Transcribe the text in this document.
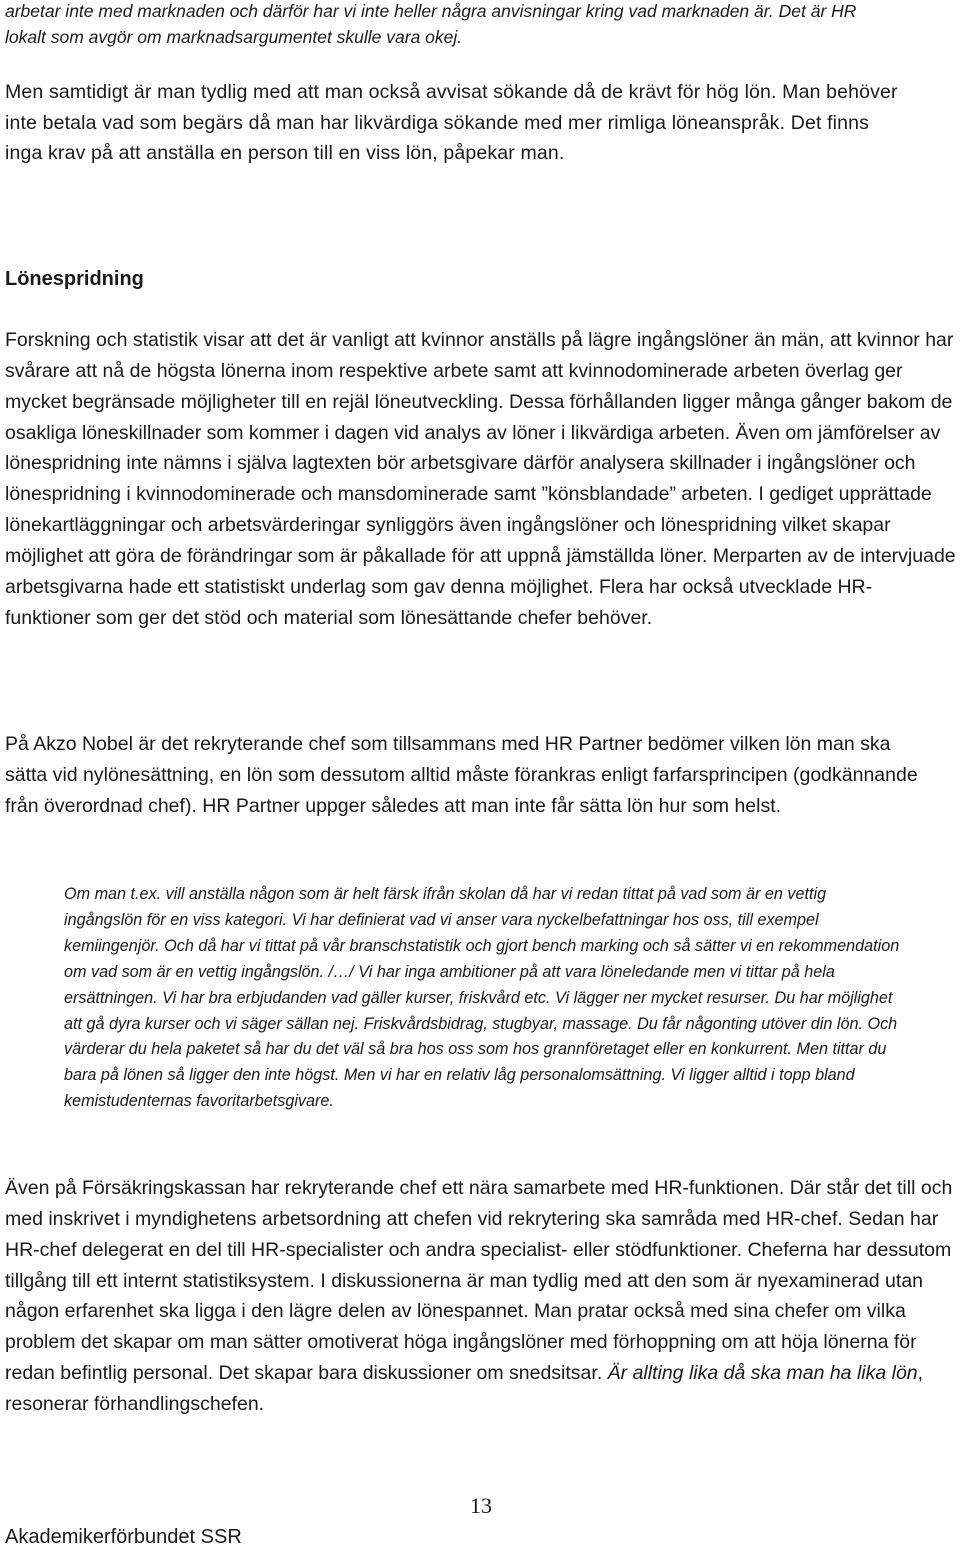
arbetar inte med marknaden och därför har vi inte heller några anvisningar kring vad marknaden är. Det är HR lokalt som avgör om marknadsargumentet skulle vara okej.

Men samtidigt är man tydlig med att man också avvisat sökande då de krävt för hög lön. Man behöver inte betala vad som begärs då man har likvärdiga sökande med mer rimliga löneanspråk. Det finns inga krav på att anställa en person till en viss lön, påpekar man.

Lönespridning

Forskning och statistik visar att det är vanligt att kvinnor anställs på lägre ingångslöner än män, att kvinnor har svårare att nå de högsta lönerna inom respektive arbete samt att kvinnodominerade arbeten överlag ger mycket begränsade möjligheter till en rejäl löneutveckling. Dessa förhållanden ligger många gånger bakom de osakliga löneskillnader som kommer i dagen vid analys av löner i likvärdiga arbeten. Även om jämförelser av lönespridning inte nämns i själva lagtexten bör arbetsgivare därför analysera skillnader i ingångslöner och lönespridning i kvinnodominerade och mansdominerade samt ”könsblandade” arbeten. I gediget upprättade lönekartläggningar och arbetsvärderingar synliggörs även ingångslöner och lönespridning vilket skapar möjlighet att göra de förändringar som är påkallade för att uppnå jämställda löner. Merparten av de intervjuade arbetsgivarna hade ett statistiskt underlag som gav denna möjlighet. Flera har också utvecklade HR-funktioner som ger det stöd och material som lönesättande chefer behöver.

På Akzo Nobel är det rekryterande chef som tillsammans med HR Partner bedömer vilken lön man ska sätta vid nylönesättning, en lön som dessutom alltid måste förankras enligt farfarsprincipen (godkännande från överordnad chef). HR Partner uppger således att man inte får sätta lön hur som helst.

Om man t.ex. vill anställa någon som är helt färsk ifrån skolan då har vi redan tittat på vad som är en vettig ingångslön för en viss kategori. Vi har definierat vad vi anser vara nyckelbefattningar hos oss, till exempel kemiingenjör. Och då har vi tittat på vår branschstatistik och gjort bench marking och så sätter vi en rekommendation om vad som är en vettig ingångslön. /…/ Vi har inga ambitioner på att vara löneledande men vi tittar på hela ersättningen. Vi har bra erbjudanden vad gäller kurser, friskvård etc. Vi lägger ner mycket resurser. Du har möjlighet att gå dyra kurser och vi säger sällan nej. Friskvårdsbidrag, stugbyar, massage. Du får någonting utöver din lön. Och värderar du hela paketet så har du det väl så bra hos oss som hos grannföretaget eller en konkurrent. Men tittar du bara på lönen så ligger den inte högst. Men vi har en relativ låg personalomsättning. Vi ligger alltid i topp bland kemistudenternas favoritarbetsgivare.

Även på Försäkringskassan har rekryterande chef ett nära samarbete med HR-funktionen. Där står det till och med inskrivet i myndighetens arbetsordning att chefen vid rekrytering ska samråda med HR-chef. Sedan har HR-chef delegerat en del till HR-specialister och andra specialist- eller stödfunktioner. Cheferna har dessutom tillgång till ett internt statistiksystem. I diskussionerna är man tydlig med att den som är nyexaminerad utan någon erfarenhet ska ligga i den lägre delen av lönespannet. Man pratar också med sina chefer om vilka problem det skapar om man sätter omotiverat höga ingångslöner med förhoppning om att höja lönerna för redan befintlig personal. Det skapar bara diskussioner om snedsitsar. Är allting lika då ska man ha lika lön, resonerar förhandlingschefen.

13

Akademikerförbundet SSR
